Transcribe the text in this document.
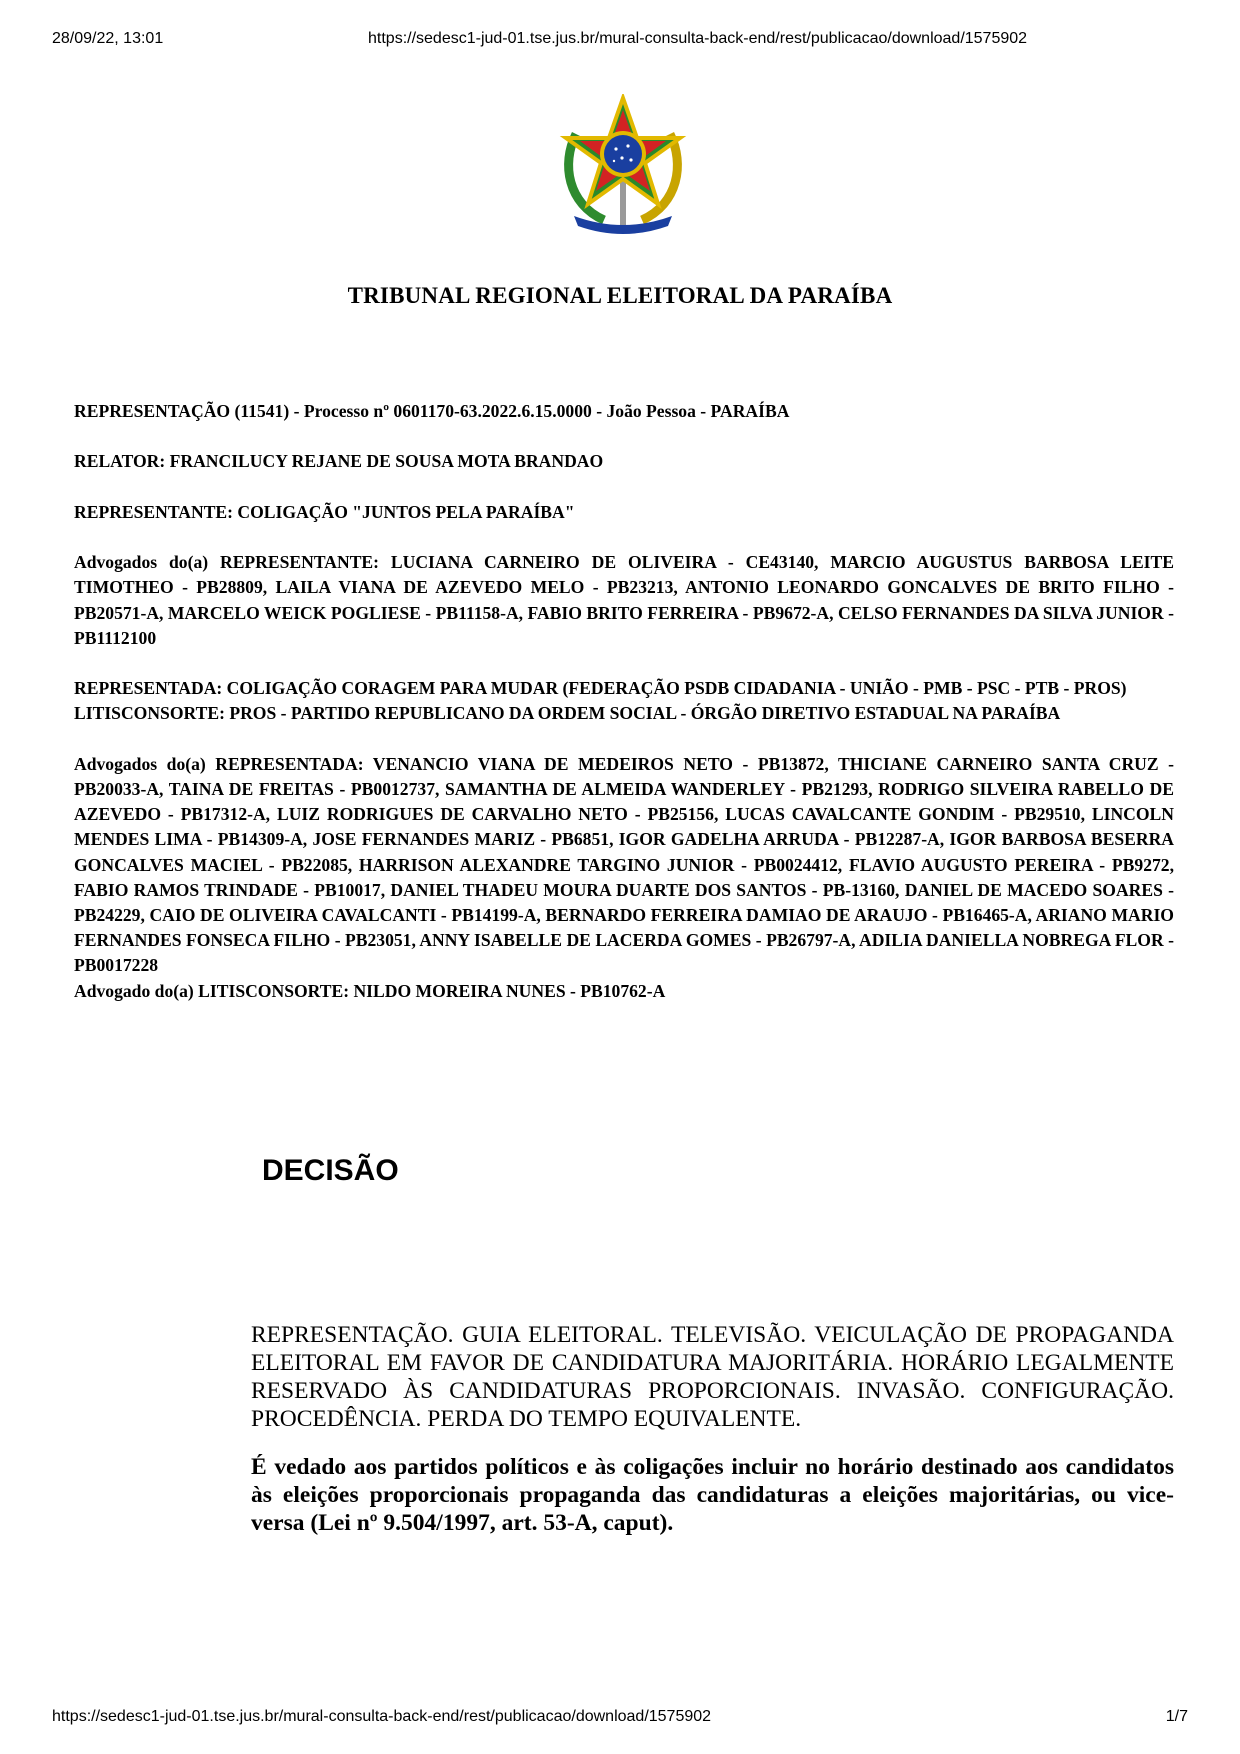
28/09/22, 13:01	https://sedesc1-jud-01.tse.jus.br/mural-consulta-back-end/rest/publicacao/download/1575902
TRIBUNAL REGIONAL ELEITORAL DA PARAÍBA

REPRESENTAÇÃO (11541) - Processo nº 0601170-63.2022.6.15.0000 - João Pessoa - PARAÍBA

RELATOR: FRANCILUCY REJANE DE SOUSA MOTA BRANDAO

REPRESENTANTE: COLIGAÇÃO "JUNTOS PELA PARAÍBA"

Advogados do(a) REPRESENTANTE: LUCIANA CARNEIRO DE OLIVEIRA - CE43140, MARCIO AUGUSTUS BARBOSA LEITE TIMOTHEO - PB28809, LAILA VIANA DE AZEVEDO MELO - PB23213, ANTONIO LEONARDO GONCALVES DE BRITO FILHO - PB20571-A, MARCELO WEICK POGLIESE - PB11158-A, FABIO BRITO FERREIRA - PB9672-A, CELSO FERNANDES DA SILVA JUNIOR - PB1112100

REPRESENTADA: COLIGAÇÃO CORAGEM PARA MUDAR (FEDERAÇÃO PSDB CIDADANIA - UNIÃO - PMB - PSC - PTB - PROS)

LITISCONSORTE: PROS - PARTIDO REPUBLICANO DA ORDEM SOCIAL - ÓRGÃO DIRETIVO ESTADUAL NA PARAÍBA

Advogados do(a) REPRESENTADA: VENANCIO VIANA DE MEDEIROS NETO - PB13872, THICIANE CARNEIRO SANTA CRUZ - PB20033-A, TAINA DE FREITAS - PB0012737, SAMANTHA DE ALMEIDA WANDERLEY - PB21293, RODRIGO SILVEIRA RABELLO DE AZEVEDO - PB17312-A, LUIZ RODRIGUES DE CARVALHO NETO - PB25156, LUCAS CAVALCANTE GONDIM - PB29510, LINCOLN MENDES LIMA - PB14309-A, JOSE FERNANDES MARIZ - PB6851, IGOR GADELHA ARRUDA - PB12287-A, IGOR BARBOSA BESERRA GONCALVES MACIEL - PB22085, HARRISON ALEXANDRE TARGINO JUNIOR - PB0024412, FLAVIO AUGUSTO PEREIRA - PB9272, FABIO RAMOS TRINDADE - PB10017, DANIEL THADEU MOURA DUARTE DOS SANTOS - PB-13160, DANIEL DE MACEDO SOARES - PB24229, CAIO DE OLIVEIRA CAVALCANTI - PB14199-A, BERNARDO FERREIRA DAMIAO DE ARAUJO - PB16465-A, ARIANO MARIO FERNANDES FONSECA FILHO - PB23051, ANNY ISABELLE DE LACERDA GOMES - PB26797-A, ADILIA DANIELLA NOBREGA FLOR - PB0017228

Advogado do(a) LITISCONSORTE: NILDO MOREIRA NUNES - PB10762-A

DECISÃO

REPRESENTAÇÃO. GUIA ELEITORAL. TELEVISÃO. VEICULAÇÃO DE PROPAGANDA ELEITORAL EM FAVOR DE CANDIDATURA MAJORITÁRIA. HORÁRIO LEGALMENTE RESERVADO ÀS CANDIDATURAS PROPORCIONAIS. INVASÃO. CONFIGURAÇÃO. PROCEDÊNCIA. PERDA DO TEMPO EQUIVALENTE.

É vedado aos partidos políticos e às coligações incluir no horário destinado aos candidatos às eleições proporcionais propaganda das candidaturas a eleições majoritárias, ou vice-versa (Lei nº 9.504/1997, art. 53-A, caput).

https://sedesc1-jud-01.tse.jus.br/mural-consulta-back-end/rest/publicacao/download/1575902	1/7
